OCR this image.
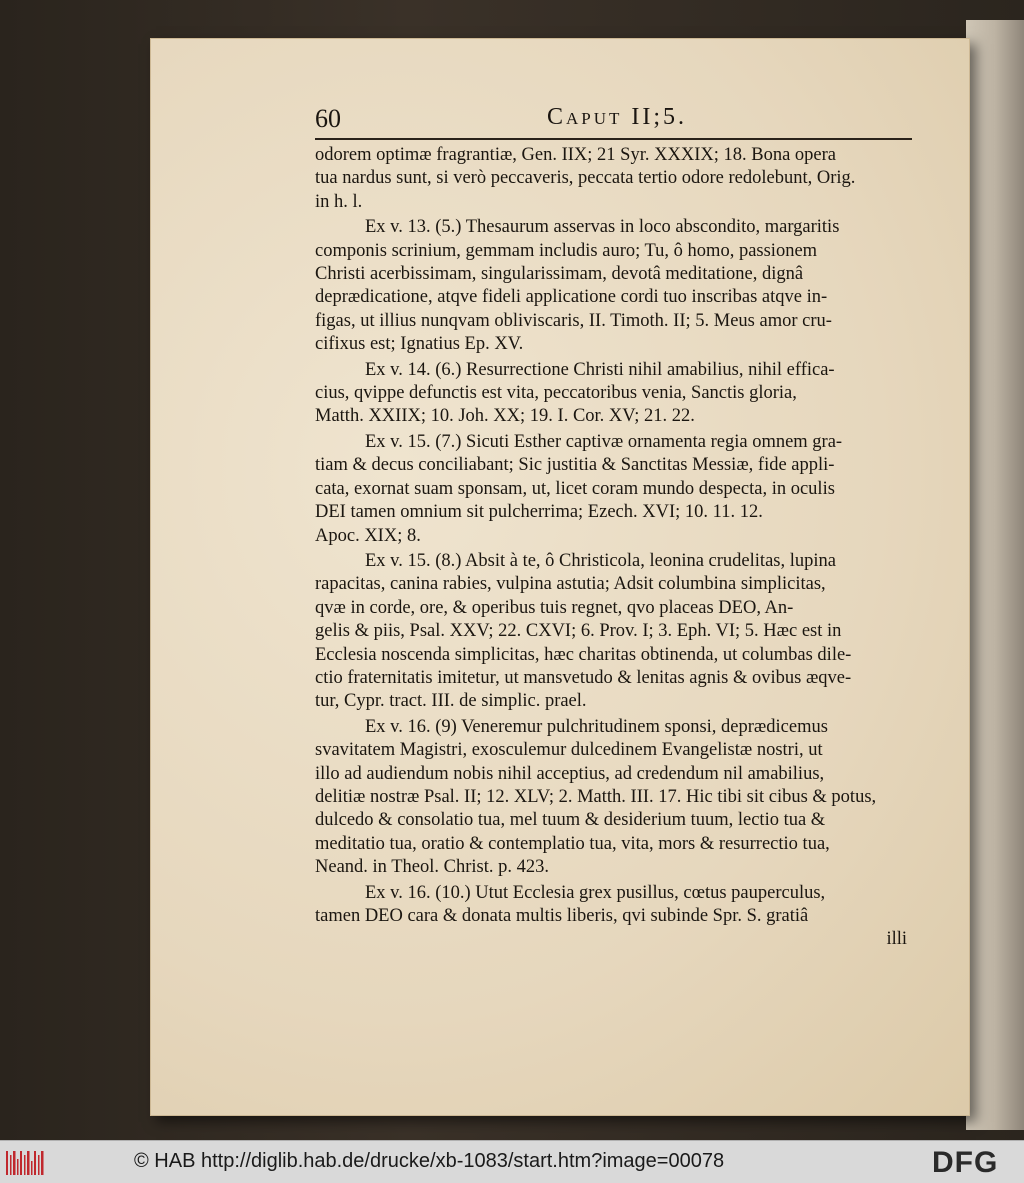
60	Caput II;5.
odorem optimæ fragrantiæ, Gen. IIX; 21 Syr. XXXIX; 18. Bona opera
tua nardus sunt, si verò peccaveris, peccata tertio odore redolebunt, Orig.
in h. l.
Ex v. 13. (5.) Thesaurum asservas in loco abscondito, margaritis
componis scrinium, gemmam includis auro; Tu, ô homo, passionem
Christi acerbissimam, singularissimam, devotâ meditatione, dignâ
deprædicatione, atqve fideli applicatione cordi tuo inscribas atqve in-
figas, ut illius nunqvam obliviscaris, II. Timoth. II; 5. Meus amor cru-
cifixus est; Ignatius Ep. XV.
Ex v. 14. (6.) Resurrectione Christi nihil amabilius, nihil effica-
cius, qvippe defunctis est vita, peccatoribus venia, Sanctis gloria,
Matth. XXIIX; 10. Joh. XX; 19. I. Cor. XV; 21. 22.
Ex v. 15. (7.) Sicuti Esther captivæ ornamenta regia omnem gra-
tiam & decus conciliabant; Sic justitia & Sanctitas Messiæ, fide appli-
cata, exornat suam sponsam, ut, licet coram mundo despecta, in oculis
DEI tamen omnium sit pulcherrima; Ezech. XVI; 10. 11. 12.
Apoc. XIX; 8.
Ex v. 15. (8.) Absit à te, ô Christicola, leonina crudelitas, lupina
rapacitas, canina rabies, vulpina astutia; Adsit columbina simplicitas,
qvæ in corde, ore, & operibus tuis regnet, qvo placeas DEO, An-
gelis & piis, Psal. XXV; 22. CXVI; 6. Prov. I; 3. Eph. VI; 5. Hæc est in
Ecclesia noscenda simplicitas, hæc charitas obtinenda, ut columbas dile-
ctio fraternitatis imitetur, ut mansvetudo & lenitas agnis & ovibus æqve-
tur, Cypr. tract. III. de simplic. prael.
Ex v. 16. (9) Veneremur pulchritudinem sponsi, deprædicemus
svavitatem Magistri, exosculemur dulcedinem Evangelistæ nostri, ut
illo ad audiendum nobis nihil acceptius, ad credendum nil amabilius,
delitiæ nostræ Psal. II; 12. XLV; 2. Matth. III. 17. Hic tibi sit cibus & potus,
dulcedo & consolatio tua, mel tuum & desiderium tuum, lectio tua &
meditatio tua, oratio & contemplatio tua, vita, mors & resurrectio tua,
Neand. in Theol. Christ. p. 423.
Ex v. 16. (10.) Utut Ecclesia grex pusillus, cœtus pauperculus,
tamen DEO cara & donata multis liberis, qvi subinde Spr. S. gratiâ
illi
© HAB http://diglib.hab.de/drucke/xb-1083/start.htm?image=00078	DFG
